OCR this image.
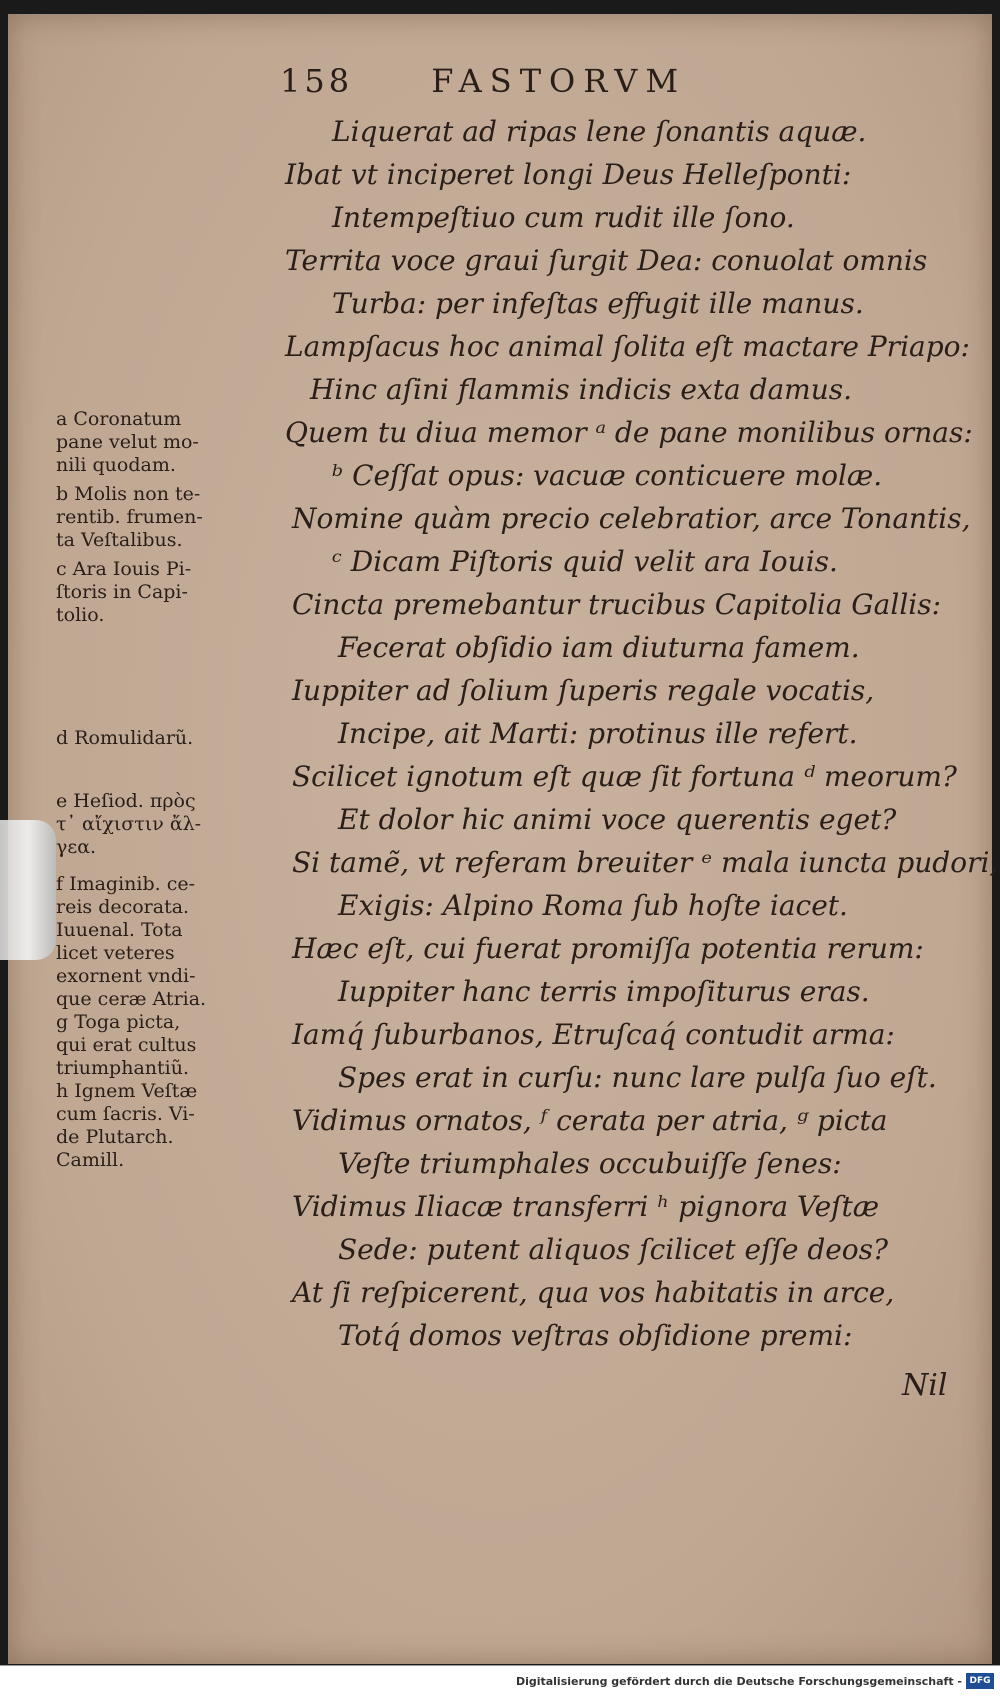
158 FASTORVM
Liquerat ad ripas lene ſonantis aquæ.
Ibat vt inciperet longi Deus Helleſponti:
Intempeſtiuo cum rudit ille ſono.
Territa voce graui ſurgit Dea: conuolat omnis
Turba: per infeſtas effugit ille manus.
Lampſacus hoc animal ſolita eſt mactare Priapo:
Hinc aſini flammis indicis exta damus.
Quem tu diua memor ᵃ de pane monilibus ornas:
ᵇ Ceſſat opus: vacuæ conticuere molæ.
Nomine quàm precio celebratior, arce Tonantis,
ᶜ Dicam Piſtoris quid velit ara Iouis.
Cincta premebantur trucibus Capitolia Gallis:
Fecerat obſidio iam diuturna famem.
Iuppiter ad ſolium ſuperis regale vocatis,
Incipe, ait Marti: protinus ille refert.
Scilicet ignotum eſt quæ ſit fortuna ᵈ meorum?
Et dolor hic animi voce querentis eget?
Si tamẽ, vt referam breuiter ᵉ mala iuncta pudori,
Exigis: Alpino Roma ſub hoſte iacet.
Hæc eſt, cui fuerat promiſſa potentia rerum:
Iuppiter hanc terris impoſiturus eras.
Iamq́ ſuburbanos, Etruſcaq́ contudit arma:
Spes erat in curſu: nunc lare pulſa ſuo eſt.
Vidimus ornatos, ᶠ cerata per atria, ᵍ picta
Veſte triumphales occubuiſſe ſenes:
Vidimus Iliacæ transferri ʰ pignora Veſtæ
Sede: putent aliquos ſcilicet eſſe deos?
At ſi reſpicerent, qua vos habitatis in arce,
Totq́ domos veſtras obſidione premi:
a Coronatum
pane velut mo-
nili quodam.
b Molis non te-
rentib. frumen-
ta Veſtalibus.
c Ara Iouis Pi-
ſtoris in Capi-
tolio.
d Romulidarũ.
e Heſiod. πρὸς
τ᾽ αἴχιστιν ἄλ-
γεα.
f Imaginib. ce-
reis decorata.
Iuuenal. Tota
licet veteres
exornent vndi-
que ceræ Atria.
g Toga picta,
qui erat cultus
triumphantiũ.
h Ignem Veſtæ
cum ſacris. Vi-
de Plutarch.
Camill.
Nil
Digitalisierung gefördert durch die Deutsche Forschungsgemeinschaft - DFG
